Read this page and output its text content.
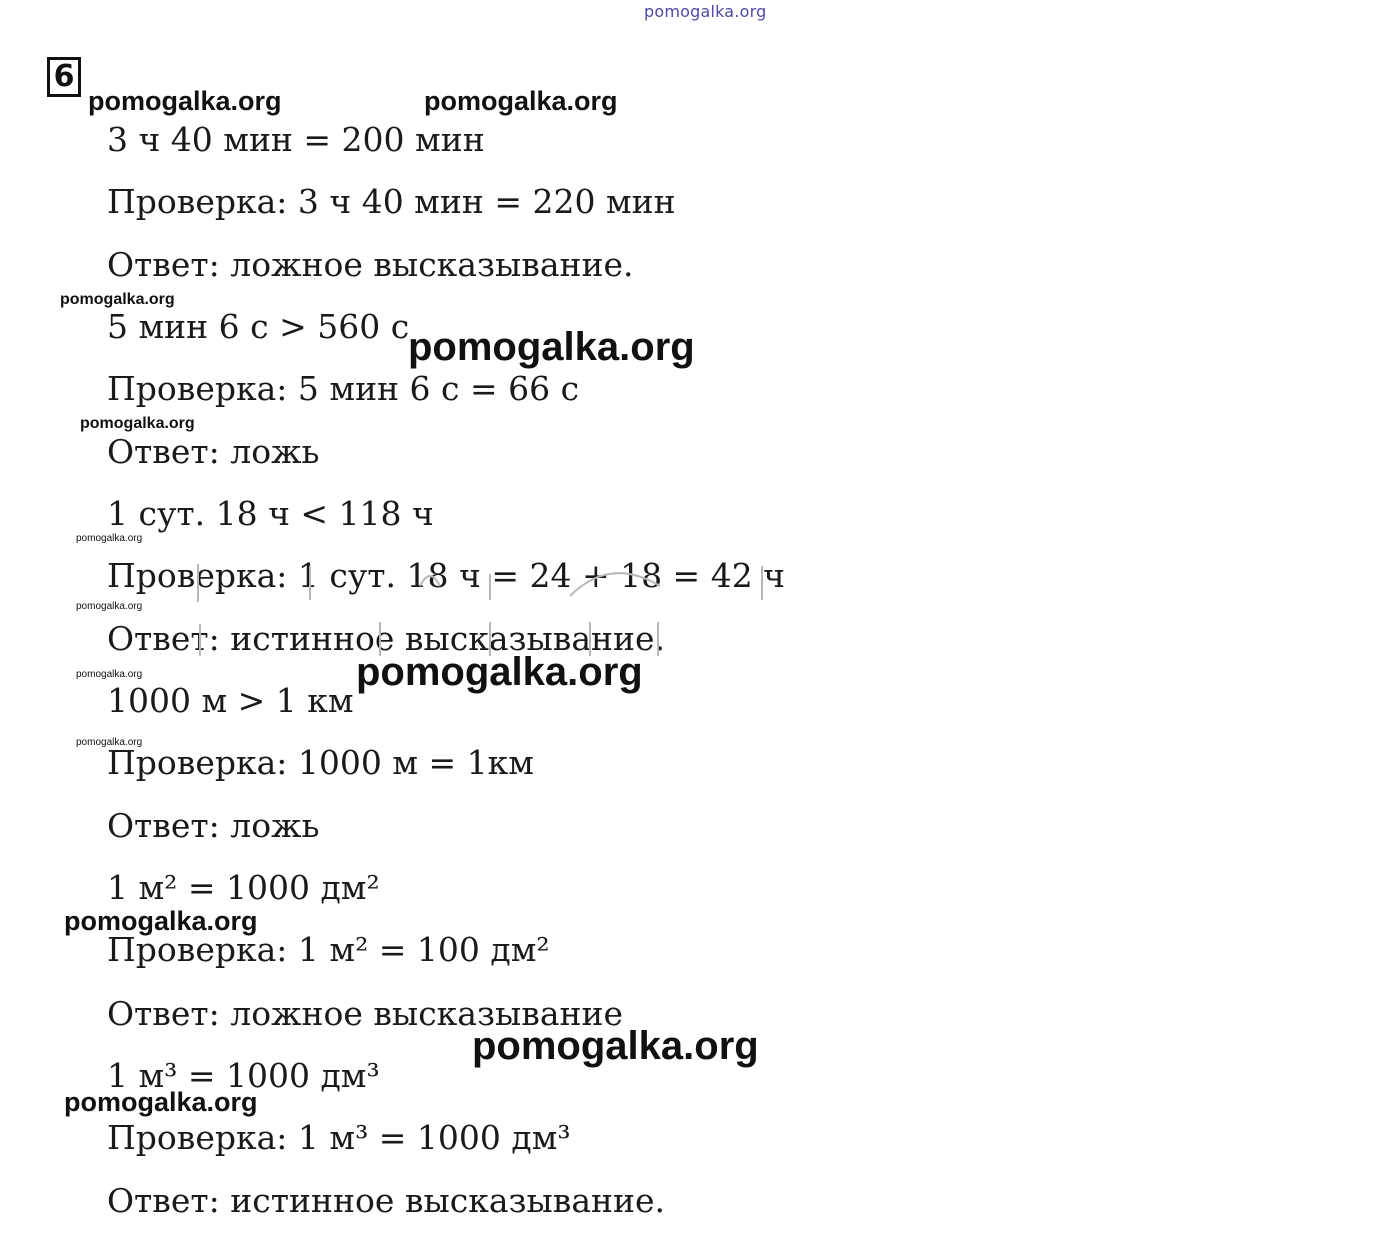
pomogalka.org
6
3 ч 40 мин = 200 мин
Проверка: 3 ч 40 мин = 220 мин
Ответ: ложное высказывание.
5 мин 6 с > 560 с
Проверка: 5 мин 6 с = 66 с
Ответ: ложь
1 сут. 18 ч < 118 ч
Проверка: 1 сут. 18 ч = 24 + 18 = 42 ч
Ответ: истинное высказывание.
1000 м > 1 км
Проверка: 1000 м = 1км
Ответ: ложь
1 м² = 1000 дм²
Проверка: 1 м² = 100 дм²
Ответ: ложное высказывание
1 м³ = 1000 дм³
Проверка: 1 м³ = 1000 дм³
Ответ: истинное высказывание.
pomogalka.org	pomogalka.org
pomogalka.org
pomogalka.org
pomogalka.org
pomogalka.org
pomogalka.org
pomogalka.org
pomogalka.org
pomogalka.org
pomogalka.org
pomogalka.org
pomogalka.org
